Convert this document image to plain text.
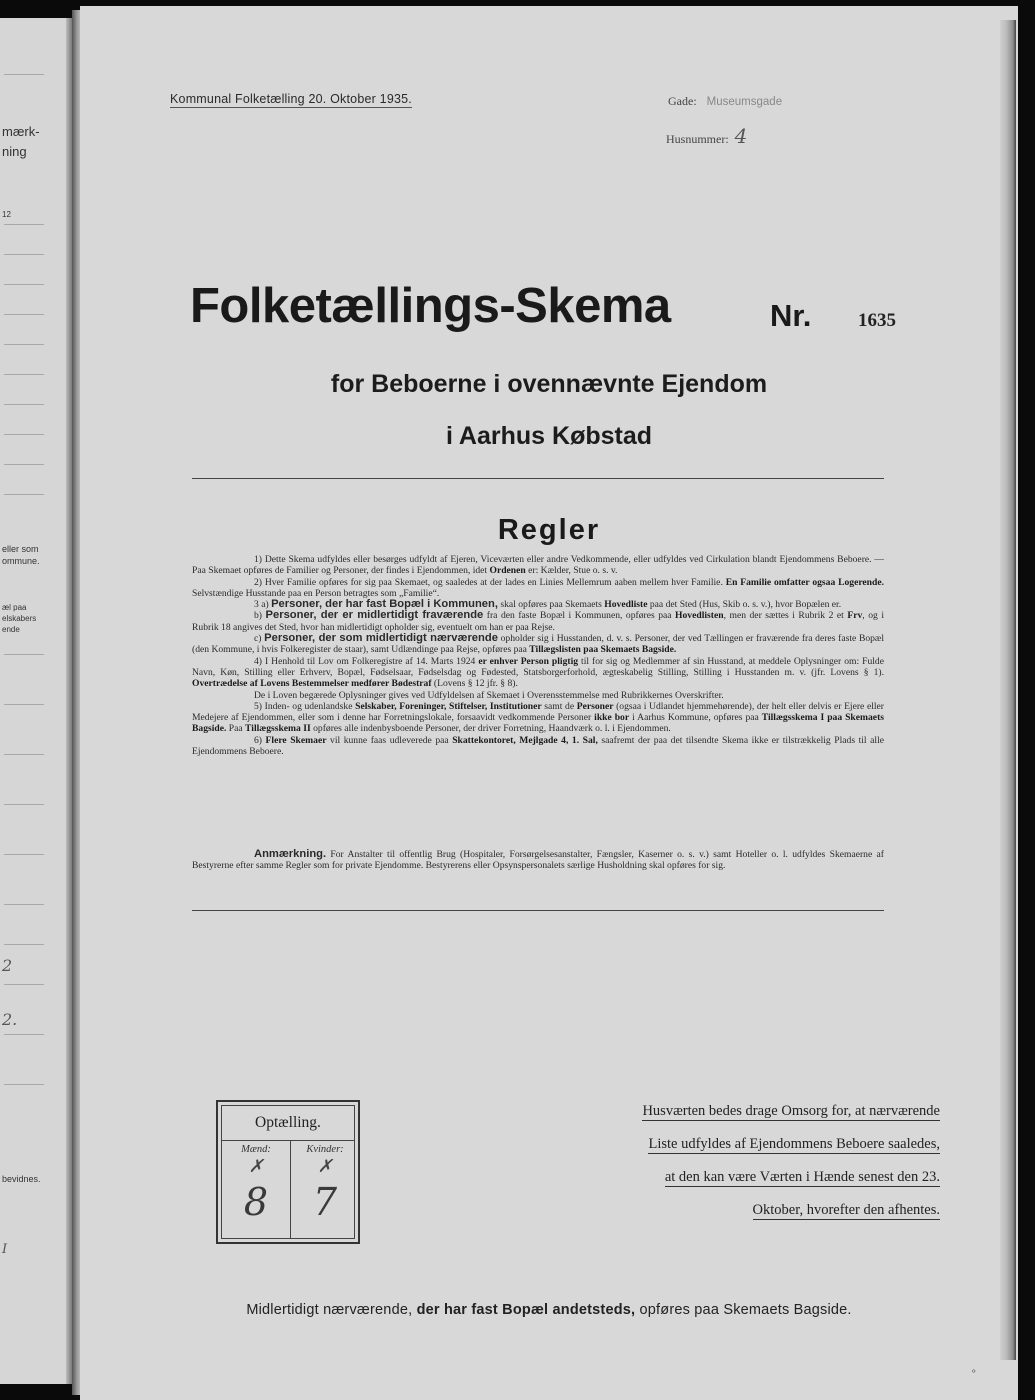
mærk-
ning
12
eller som
ommune.
æl paa
elskabers
ende
2
2.
bevidnes.
I
Kommunal Folketælling 20. Oktober 1935.	Gade: Museumsgade
Husnummer: 4
Folketællings-Skema	Nr. 1635
for Beboerne i ovennævnte Ejendom
i Aarhus Købstad
Regler

1) Dette Skema udfyldes eller besørges udfyldt af Ejeren, Viceværten eller andre Vedkommende, eller udfyldes ved Cirkulation blandt Ejendommens Beboere. — Paa Skemaet opføres de Familier og Personer, der findes i Ejendommen, idet Ordenen er: Kælder, Stue o. s. v.

2) Hver Familie opføres for sig paa Skemaet, og saaledes at der lades en Linies Mellemrum aaben mellem hver Familie. En Familie omfatter ogsaa Logerende. Selvstændige Husstande paa en Person betragtes som „Familie“.

3 a) Personer, der har fast Bopæl i Kommunen, skal opføres paa Skemaets Hovedliste paa det Sted (Hus, Skib o. s. v.), hvor Bopælen er.

b) Personer, der er midlertidigt fraværende fra den faste Bopæl i Kommunen, opføres paa Hovedlisten, men der sættes i Rubrik 2 et Frv, og i Rubrik 18 angives det Sted, hvor han midlertidigt opholder sig, eventuelt om han er paa Rejse.

c) Personer, der som midlertidigt nærværende opholder sig i Husstanden, d. v. s. Personer, der ved Tællingen er fraværende fra deres faste Bopæl (den Kommune, i hvis Folkeregister de staar), samt Udlændinge paa Rejse, opføres paa Tillægslisten paa Skemaets Bagside.

4) I Henhold til Lov om Folkeregistre af 14. Marts 1924 er enhver Person pligtig til for sig og Medlemmer af sin Husstand, at meddele Oplysninger om: Fulde Navn, Køn, Stilling eller Erhverv, Bopæl, Fødselsaar, Fødselsdag og Fødested, Statsborgerforhold, ægteskabelig Stilling, Stilling i Husstanden m. v. (jfr. Lovens § 1). Overtrædelse af Lovens Bestemmelser medfører Bødestraf (Lovens § 12 jfr. § 8).

De i Loven begærede Oplysninger gives ved Udfyldelsen af Skemaet i Overensstemmelse med Rubrikkernes Overskrifter.

5) Inden- og udenlandske Selskaber, Foreninger, Stiftelser, Institutioner samt de Personer (ogsaa i Udlandet hjemmehørende), der helt eller delvis er Ejere eller Medejere af Ejendommen, eller som i denne har Forretningslokale, forsaavidt vedkommende Personer ikke bor i Aarhus Kommune, opføres paa Tillægsskema I paa Skemaets Bagside. Paa Tillægsskema II opføres alle indenbysboende Personer, der driver Forretning, Haandværk o. l. i Ejendommen.

6) Flere Skemaer vil kunne faas udleverede paa Skattekontoret, Mejlgade 4, 1. Sal, saafremt der paa det tilsendte Skema ikke er tilstrækkelig Plads til alle Ejendommens Beboere.

Anmærkning. For Anstalter til offentlig Brug (Hospitaler, Forsørgelsesanstalter, Fængsler, Kaserner o. s. v.) samt Hoteller o. l. udfyldes Skemaerne af Bestyrerne efter samme Regler som for private Ejendomme. Bestyrerens eller Opsynspersonalets særlige Husholdning skal opføres for sig.

Optælling.
Mænd:	Kvinder:
✗	✗
8	7
Husværten bedes drage Omsorg for, at nærværende
Liste udfyldes af Ejendommens Beboere saaledes,
at den kan være Værten i Hænde senest den 23.
Oktober, hvorefter den afhentes.
Midlertidigt nærværende, der har fast Bopæl andetsteds, opføres paa Skemaets Bagside.
⚬
